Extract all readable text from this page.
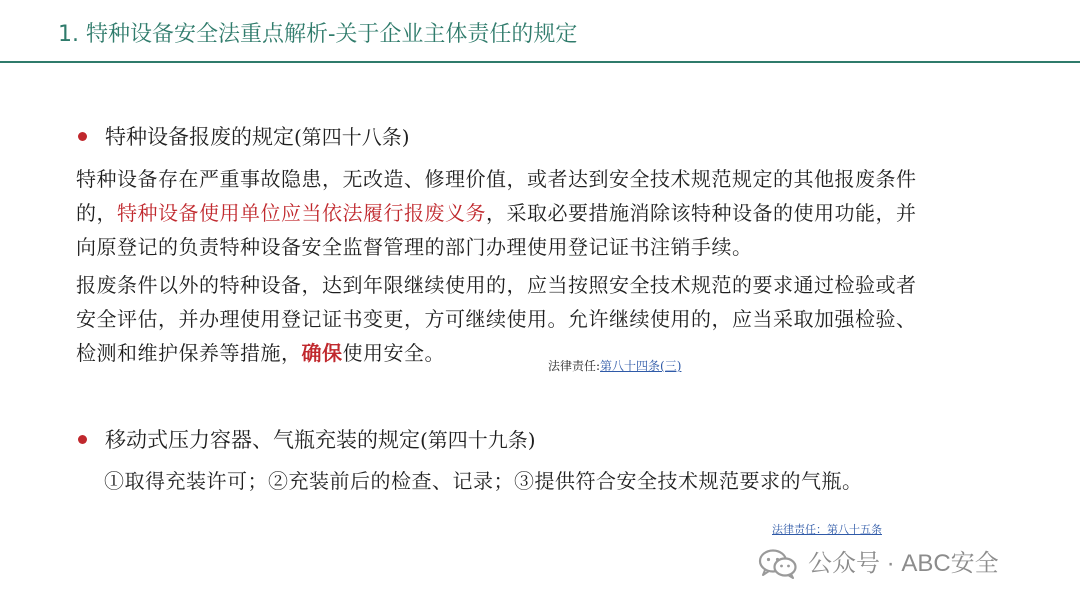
1. 特种设备安全法重点解析-关于企业主体责任的规定
特种设备报废的规定(第四十八条)
特种设备存在严重事故隐患，无改造、修理价值，或者达到安全技术规范规定的其他报废条件
的，特种设备使用单位应当依法履行报废义务，采取必要措施消除该特种设备的使用功能，并
向原登记的负责特种设备安全监督管理的部门办理使用登记证书注销手续。
报废条件以外的特种设备，达到年限继续使用的，应当按照安全技术规范的要求通过检验或者
安全评估，并办理使用登记证书变更，方可继续使用。允许继续使用的，应当采取加强检验、
检测和维护保养等措施，确保使用安全。
法律责任:第八十四条(三)
移动式压力容器、气瓶充装的规定(第四十九条)
①取得充装许可；②充装前后的检查、记录；③提供符合安全技术规范要求的气瓶。
法律责任：第八十五条
公众号 · ABC安全
